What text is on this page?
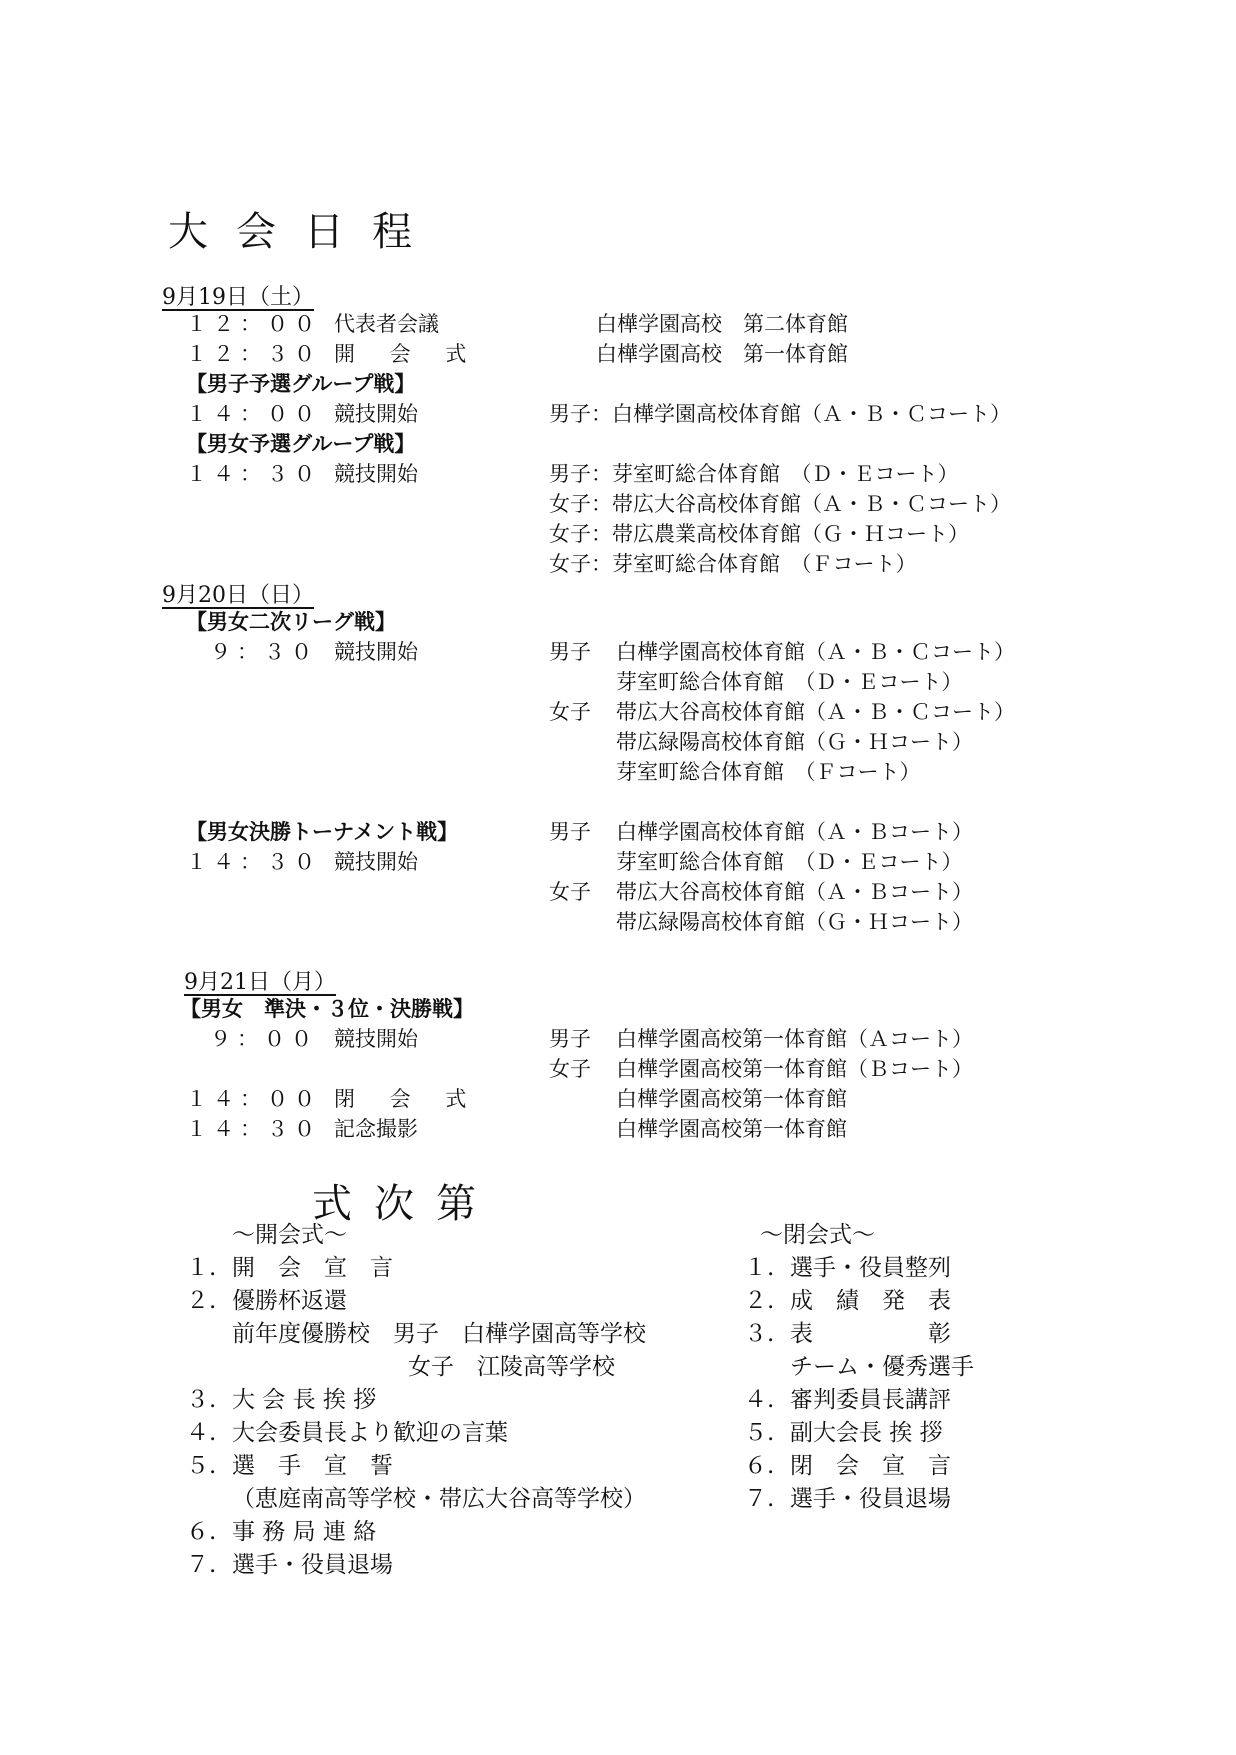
大会日程
9月19日（土）
１２：００ 代表者会議	白樺学園高校　第二体育館
１２：３０ 開 会 式	白樺学園高校　第一体育館
【男子予選グループ戦】
１４：００ 競技開始	男子：白樺学園高校体育館（Ａ・Ｂ・Ｃコート）
【男女予選グループ戦】
１４：３０ 競技開始	男子：芽室町総合体育館　（Ｄ・Ｅコート）
女子：帯広大谷高校体育館（Ａ・Ｂ・Ｃコート）
女子：帯広農業高校体育館（Ｇ・Ｈコート）
女子：芽室町総合体育館　（Ｆコート）
9月20日（日）
【男女二次リーグ戦】
９：３０ 競技開始	男子 白樺学園高校体育館（Ａ・Ｂ・Ｃコート）
芽室町総合体育館　（Ｄ・Ｅコート）
女子 帯広大谷高校体育館（Ａ・Ｂ・Ｃコート）
帯広緑陽高校体育館（Ｇ・Ｈコート）
芽室町総合体育館　（Ｆコート）
【男女決勝トーナメント戦】	男子 白樺学園高校体育館（Ａ・Ｂコート）
１４：３０ 競技開始	芽室町総合体育館　（Ｄ・Ｅコート）
女子 帯広大谷高校体育館（Ａ・Ｂコート）
帯広緑陽高校体育館（Ｇ・Ｈコート）
9月21日（月）
【男女　準決・３位・決勝戦】
９：００ 競技開始	男子 白樺学園高校第一体育館（Ａコート）
女子 白樺学園高校第一体育館（Ｂコート）
１４：００ 閉 会 式	白樺学園高校第一体育館
１４：３０ 記念撮影	白樺学園高校第一体育館
式次第
～開会式～
１. 開　会　宣　言
２. 優勝杯返還
前年度優勝校　男子　白樺学園高等学校
女子　江陵高等学校
３. 大 会 長 挨 拶
４. 大会委員長より歓迎の言葉
５. 選　手　宣　誓
（恵庭南高等学校・帯広大谷高等学校）
６. 事 務 局 連 絡
７. 選手・役員退場
～閉会式～
１. 選手・役員整列
２. 成　績　発　表
３. 表　　　　　彰
チーム・優秀選手
４. 審判委員長講評
５. 副大会長 挨 拶
６. 閉　会　宣　言
７. 選手・役員退場
